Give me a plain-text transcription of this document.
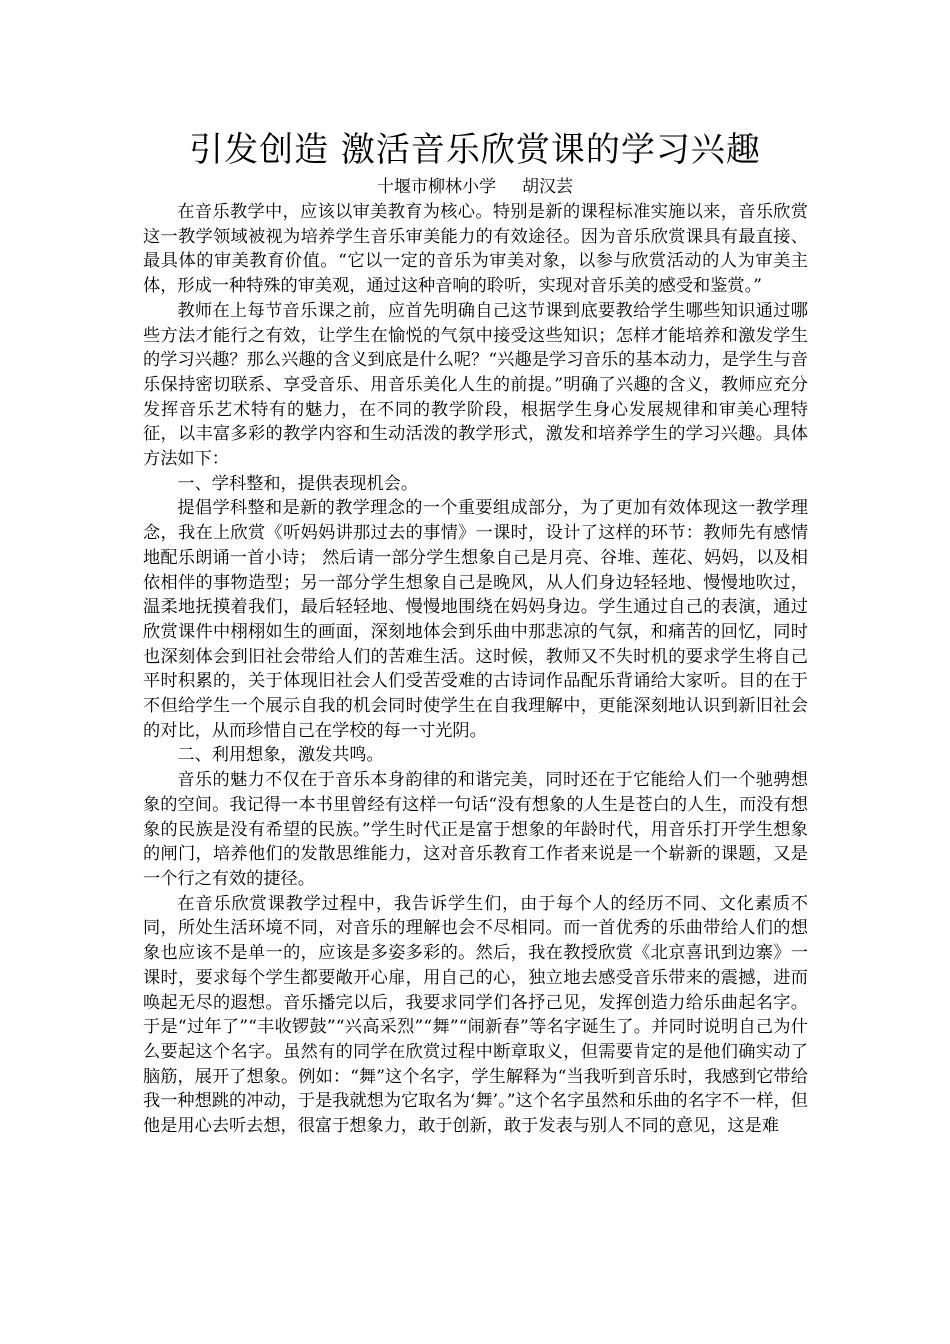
引发创造 激活音乐欣赏课的学习兴趣
十堰市柳林小学 胡汉芸

在音乐教学中，应该以审美教育为核心。特别是新的课程标准实施以来，音乐欣赏这一教学领域被视为培养学生音乐审美能力的有效途径。因为音乐欣赏课具有最直接、最具体的审美教育价值。“它以一定的音乐为审美对象，以参与欣赏活动的人为审美主体，形成一种特殊的审美观，通过这种音响的聆听，实现对音乐美的感受和鉴赏。”

教师在上每节音乐课之前，应首先明确自己这节课到底要教给学生哪些知识通过哪些方法才能行之有效，让学生在愉悦的气氛中接受这些知识；怎样才能培养和激发学生的学习兴趣？那么兴趣的含义到底是什么呢？“兴趣是学习音乐的基本动力，是学生与音乐保持密切联系、享受音乐、用音乐美化人生的前提。”明确了兴趣的含义，教师应充分发挥音乐艺术特有的魅力，在不同的教学阶段，根据学生身心发展规律和审美心理特征，以丰富多彩的教学内容和生动活泼的教学形式，激发和培养学生的学习兴趣。具体方法如下：

一、学科整和，提供表现机会。

提倡学科整和是新的教学理念的一个重要组成部分，为了更加有效体现这一教学理念，我在上欣赏《听妈妈讲那过去的事情》一课时，设计了这样的环节：教师先有感情地配乐朗诵一首小诗； 然后请一部分学生想象自己是月亮、谷堆、莲花、妈妈，以及相依相伴的事物造型；另一部分学生想象自己是晚风，从人们身边轻轻地、慢慢地吹过，温柔地抚摸着我们，最后轻轻地、慢慢地围绕在妈妈身边。学生通过自己的表演，通过欣赏课件中栩栩如生的画面，深刻地体会到乐曲中那悲凉的气氛，和痛苦的回忆，同时也深刻体会到旧社会带给人们的苦难生活。这时候，教师又不失时机的要求学生将自己平时积累的，关于体现旧社会人们受苦受难的古诗词作品配乐背诵给大家听。目的在于不但给学生一个展示自我的机会同时使学生在自我理解中，更能深刻地认识到新旧社会的对比，从而珍惜自己在学校的每一寸光阴。

二、利用想象，激发共鸣。

音乐的魅力不仅在于音乐本身韵律的和谐完美，同时还在于它能给人们一个驰骋想象的空间。我记得一本书里曾经有这样一句话“没有想象的人生是苍白的人生，而没有想象的民族是没有希望的民族。”学生时代正是富于想象的年龄时代，用音乐打开学生想象的闸门，培养他们的发散思维能力，这对音乐教育工作者来说是一个崭新的课题，又是一个行之有效的捷径。

在音乐欣赏课教学过程中，我告诉学生们，由于每个人的经历不同、文化素质不同，所处生活环境不同，对音乐的理解也会不尽相同。而一首优秀的乐曲带给人们的想象也应该不是单一的，应该是多姿多彩的。然后，我在教授欣赏《北京喜讯到边寨》一课时，要求每个学生都要敞开心扉，用自己的心，独立地去感受音乐带来的震撼，进而唤起无尽的遐想。音乐播完以后，我要求同学们各抒己见，发挥创造力给乐曲起名字。于是“过年了”“丰收锣鼓”“兴高采烈”“舞”“闹新春”等名字诞生了。并同时说明自己为什么要起这个名字。虽然有的同学在欣赏过程中断章取义，但需要肯定的是他们确实动了脑筋，展开了想象。例如：“舞”这个名字，学生解释为“当我听到音乐时，我感到它带给我一种想跳的冲动，于是我就想为它取名为‘舞’。”这个名字虽然和乐曲的名字不一样，但他是用心去听去想，很富于想象力，敢于创新，敢于发表与别人不同的意见，这是难
